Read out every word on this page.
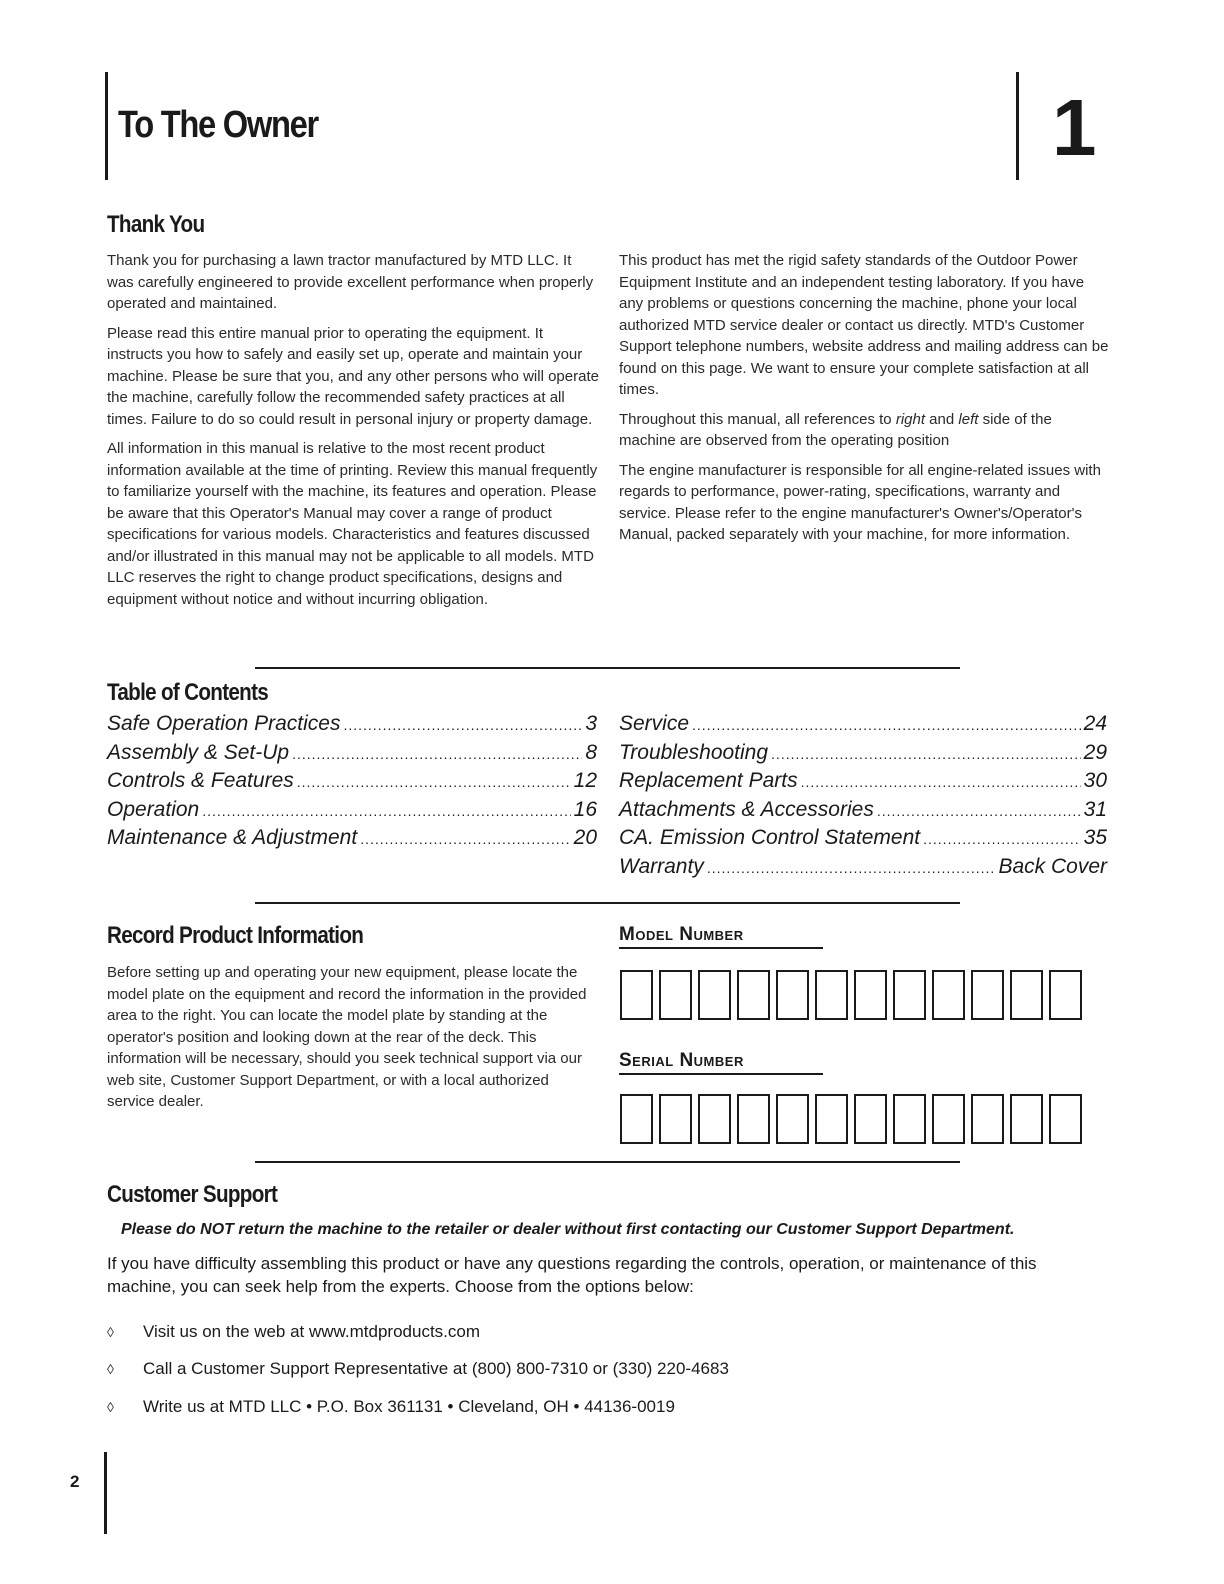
To The Owner	1
Thank You

Thank you for purchasing a lawn tractor manufactured by MTD LLC. It was carefully engineered to provide excellent performance when properly operated and maintained.

Please read this entire manual prior to operating the equipment. It instructs you how to safely and easily set up, operate and maintain your machine. Please be sure that you, and any other persons who will operate the machine, carefully follow the recommended safety practices at all times. Failure to do so could result in personal injury or property damage.

All information in this manual is relative to the most recent product information available at the time of printing. Review this manual frequently to familiarize yourself with the machine, its features and operation. Please be aware that this Operator's Manual may cover a range of product specifications for various models. Characteristics and features discussed and/or illustrated in this manual may not be applicable to all models. MTD LLC reserves the right to change product specifications, designs and equipment without notice and without incurring obligation.

This product has met the rigid safety standards of the Outdoor Power Equipment Institute and an independent testing laboratory. If you have any problems or questions concerning the machine, phone your local authorized MTD service dealer or contact us directly. MTD's Customer Support telephone numbers, website address and mailing address can be found on this page. We want to ensure your complete satisfaction at all times.

Throughout this manual, all references to right and left side of the machine are observed from the operating position

The engine manufacturer is responsible for all engine-related issues with regards to performance, power-rating, specifications, warranty and service. Please refer to the engine manufacturer's Owner's/Operator's Manual, packed separately with your machine, for more information.

Table of Contents
Safe Operation Practices .....	3
Assembly & Set-Up .....	8
Controls & Features .....	12
Operation .....	16
Maintenance & Adjustment .....	20
Service .....	24
Troubleshooting .....	29
Replacement Parts .....	30
Attachments & Accessories .....	31
CA. Emission Control Statement .....	35
Warranty .....	Back Cover
Record Product Information
Before setting up and operating your new equipment, please locate the model plate on the equipment and record the information in the provided area to the right. You can locate the model plate by standing at the operator's position and looking down at the rear of the deck. This information will be necessary, should you seek technical support via our web site, Customer Support Department, or with a local authorized service dealer.
Model Number
Serial Number
Customer Support

Please do NOT return the machine to the retailer or dealer without first contacting our Customer Support Department.

If you have difficulty assembling this product or have any questions regarding the controls, operation, or maintenance of this machine, you can seek help from the experts. Choose from the options below:

◊	Visit us on the web at www.mtdproducts.com
◊	Call a Customer Support Representative at (800) 800-7310 or (330) 220-4683
◊	Write us at MTD LLC • P.O. Box 361131 • Cleveland, OH • 44136-0019
2
